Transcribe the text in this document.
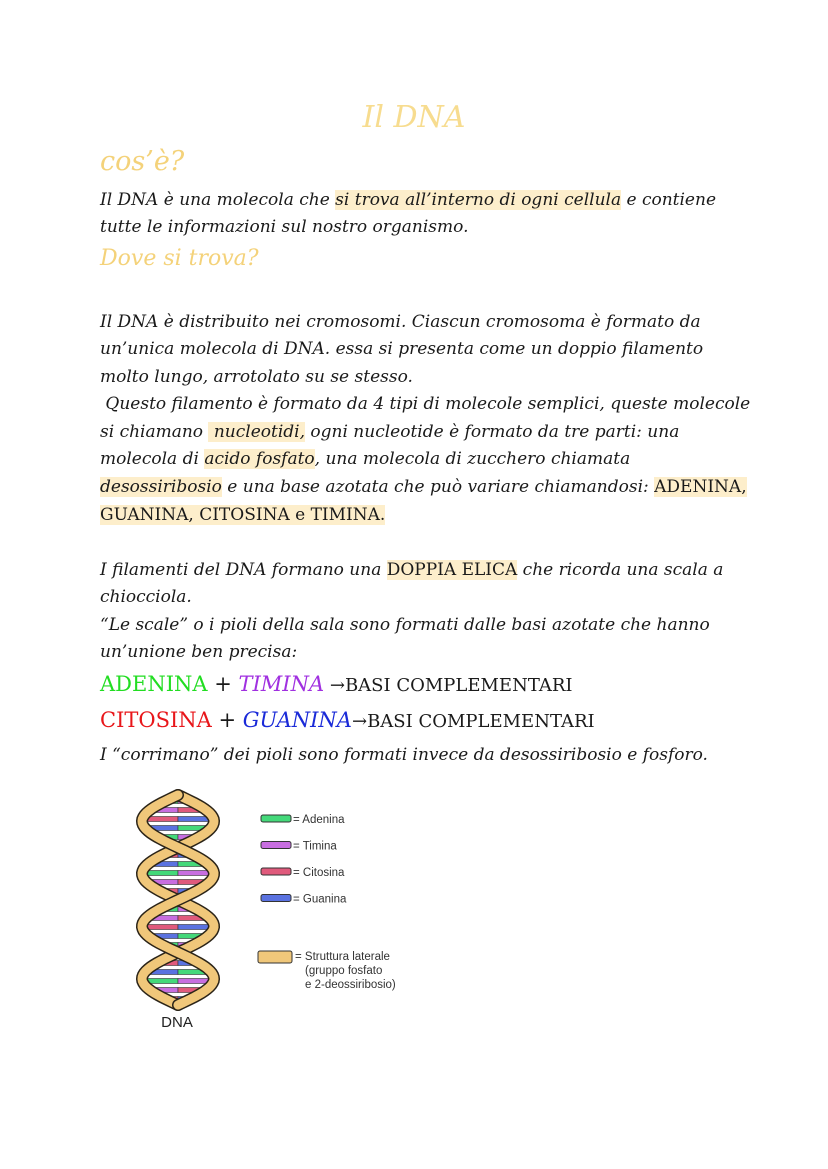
Il DNA
cos’è?
Il DNA è una molecola che si trova all’interno di ogni cellula e contiene
tutte le informazioni sul nostro organismo.
Dove si trova?
Il DNA è distribuito nei cromosomi. Ciascun cromosoma è formato da
un’unica molecola di DNA. essa si presenta come un doppio filamento
molto lungo, arrotolato su se stesso.
Questo filamento è formato da 4 tipi di molecole semplici, queste molecole
si chiamano  nucleotidi, ogni nucleotide è formato da tre parti: una
molecola di acido fosfato, una molecola di zucchero chiamata
desossiribosio e una base azotata che può variare chiamandosi: ADENINA,
GUANINA, CITOSINA e TIMINA.
I filamenti del DNA formano una DOPPIA ELICA che ricorda una scala a
chiocciola.
“Le scale” o i pioli della sala sono formati dalle basi azotate che hanno
un’unione ben precisa:
ADENINA + TIMINA →BASI COMPLEMENTARI
CITOSINA + GUANINA→BASI COMPLEMENTARI
I “corrimano” dei pioli sono formati invece da desossiribosio e fosforo.
= Adenina
= Timina
= Citosina
= Guanina
= Struttura laterale
(gruppo fosfato
e 2-deossiribosio)
DNA
